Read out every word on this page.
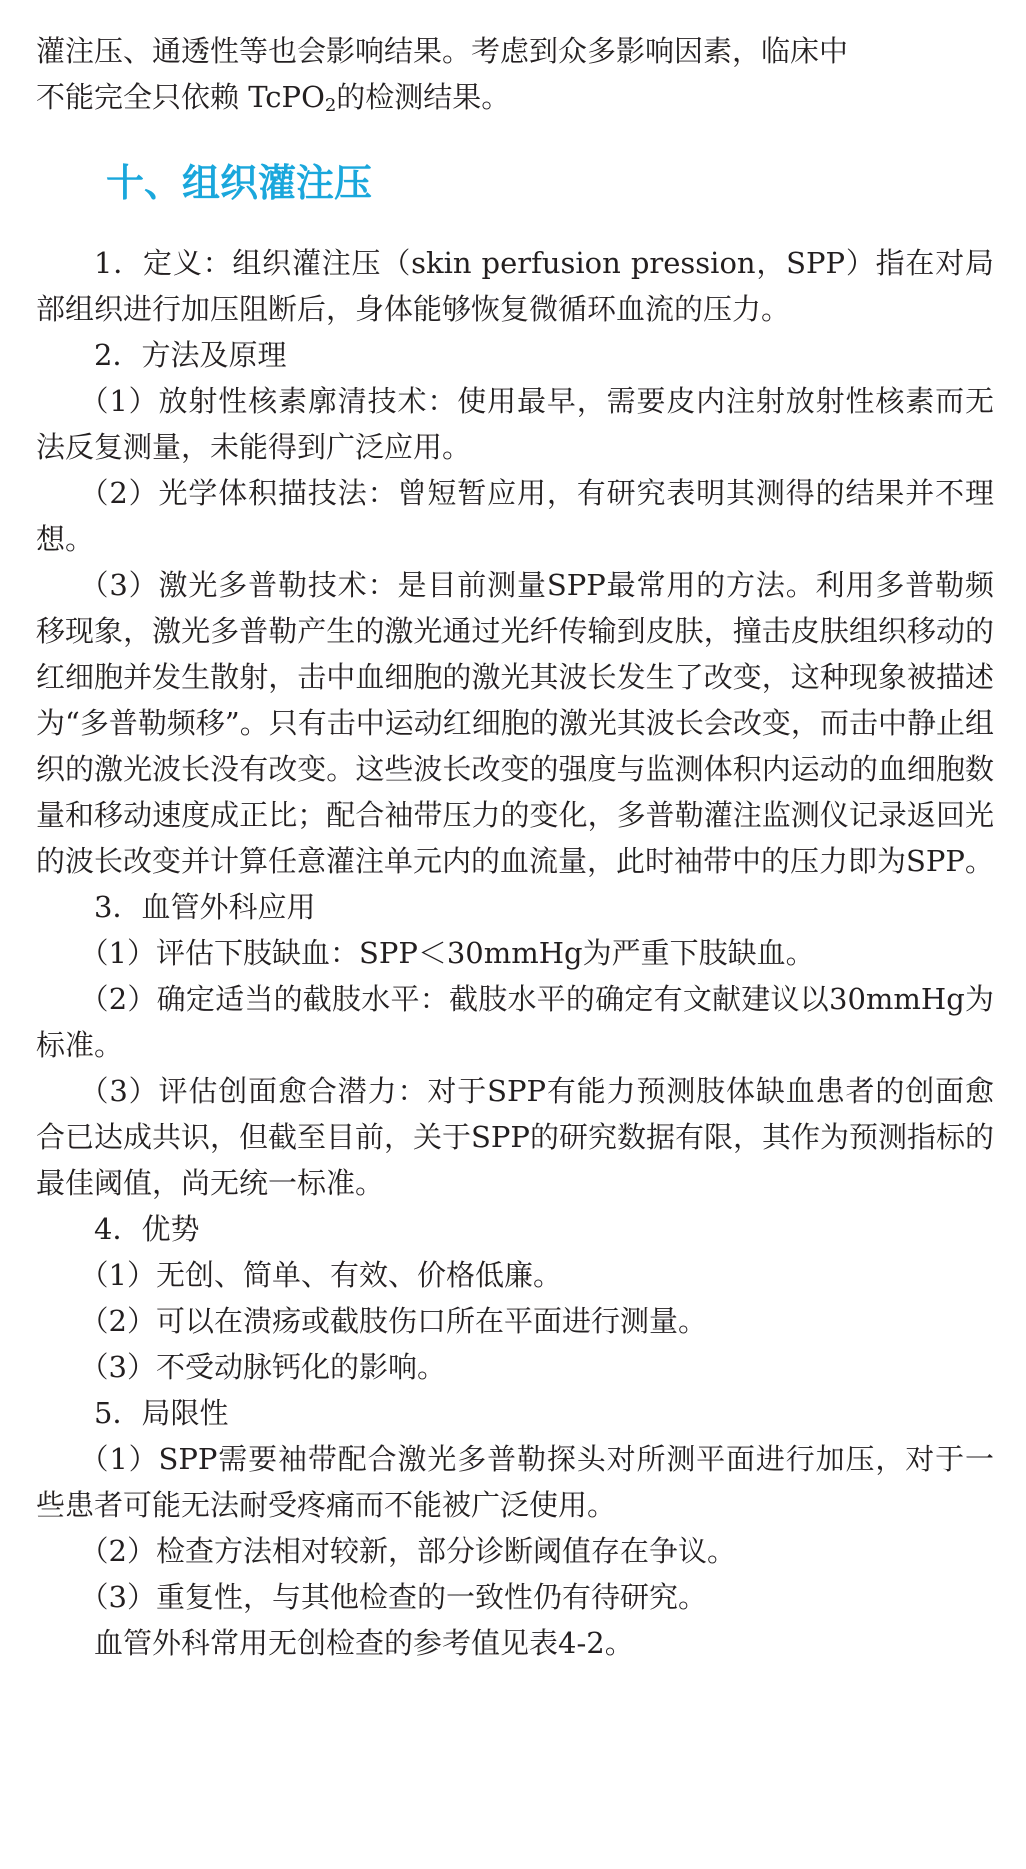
灌注压、通透性等也会影响结果。考虑到众多影响因素，临床中
不能完全只依赖 TcPO$_2$的检测结果。

十、组织灌注压

1．定义：组织灌注压（skin perfusion pression，SPP）指在对局部组织进行加压阻断后，身体能够恢复微循环血流的压力。

2．方法及原理

（1）放射性核素廓清技术：使用最早，需要皮内注射放射性核素而无法反复测量，未能得到广泛应用。

（2）光学体积描技法：曾短暂应用，有研究表明其测得的结果并不理想。

（3）激光多普勒技术：是目前测量SPP最常用的方法。利用多普勒频移现象，激光多普勒产生的激光通过光纤传输到皮肤，撞击皮肤组织移动的红细胞并发生散射，击中血细胞的激光其波长发生了改变，这种现象被描述为“多普勒频移”。只有击中运动红细胞的激光其波长会改变，而击中静止组织的激光波长没有改变。这些波长改变的强度与监测体积内运动的血细胞数量和移动速度成正比；配合袖带压力的变化，多普勒灌注监测仪记录返回光的波长改变并计算任意灌注单元内的血流量，此时袖带中的压力即为SPP。

3．血管外科应用

（1）评估下肢缺血：SPP＜30mmHg为严重下肢缺血。

（2）确定适当的截肢水平：截肢水平的确定有文献建议以30mmHg为标准。

（3）评估创面愈合潜力：对于SPP有能力预测肢体缺血患者的创面愈合已达成共识，但截至目前，关于SPP的研究数据有限，其作为预测指标的最佳阈值，尚无统一标准。

4．优势

（1）无创、简单、有效、价格低廉。

（2）可以在溃疡或截肢伤口所在平面进行测量。

（3）不受动脉钙化的影响。

5．局限性

（1）SPP需要袖带配合激光多普勒探头对所测平面进行加压，对于一些患者可能无法耐受疼痛而不能被广泛使用。

（2）检查方法相对较新，部分诊断阈值存在争议。

（3）重复性，与其他检查的一致性仍有待研究。

血管外科常用无创检查的参考值见表4-2。
